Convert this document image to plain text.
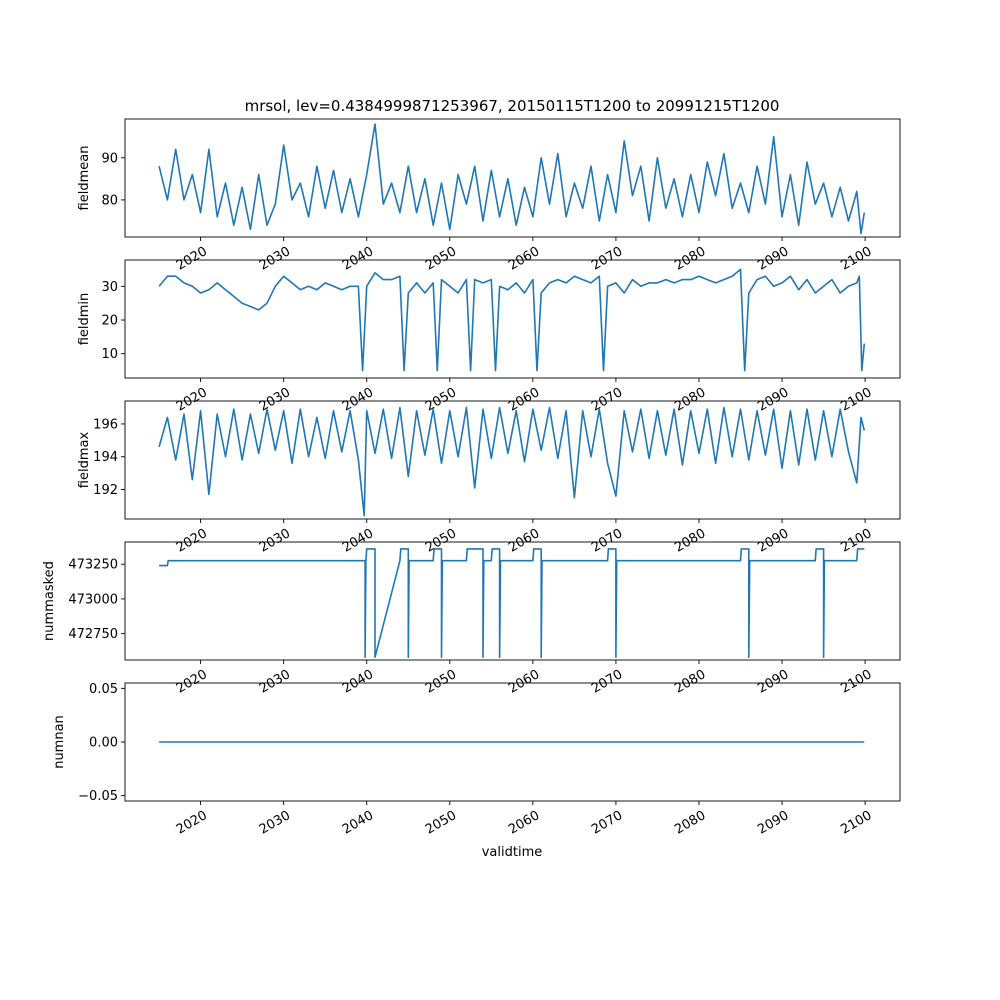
mrsol, lev=0.4384999871253967, 20150115T1200 to 20991215T1200
80
90
2020	2030	2040	2050	2060	2070	2080	2090	2100
fieldmean
10
20
30
2020	2030	2040	2050	2060	2070	2080	2090	2100
fieldmin
192
194
196
2020	2030	2040	2050	2060	2070	2080	2090	2100
fieldmax
472750
473000
473250
2020	2030	2040	2050	2060	2070	2080	2090	2100
nummasked
−0.05
0.00
0.05
2020	2030	2040	2050	2060	2070	2080	2090	2100
numnan
validtime
